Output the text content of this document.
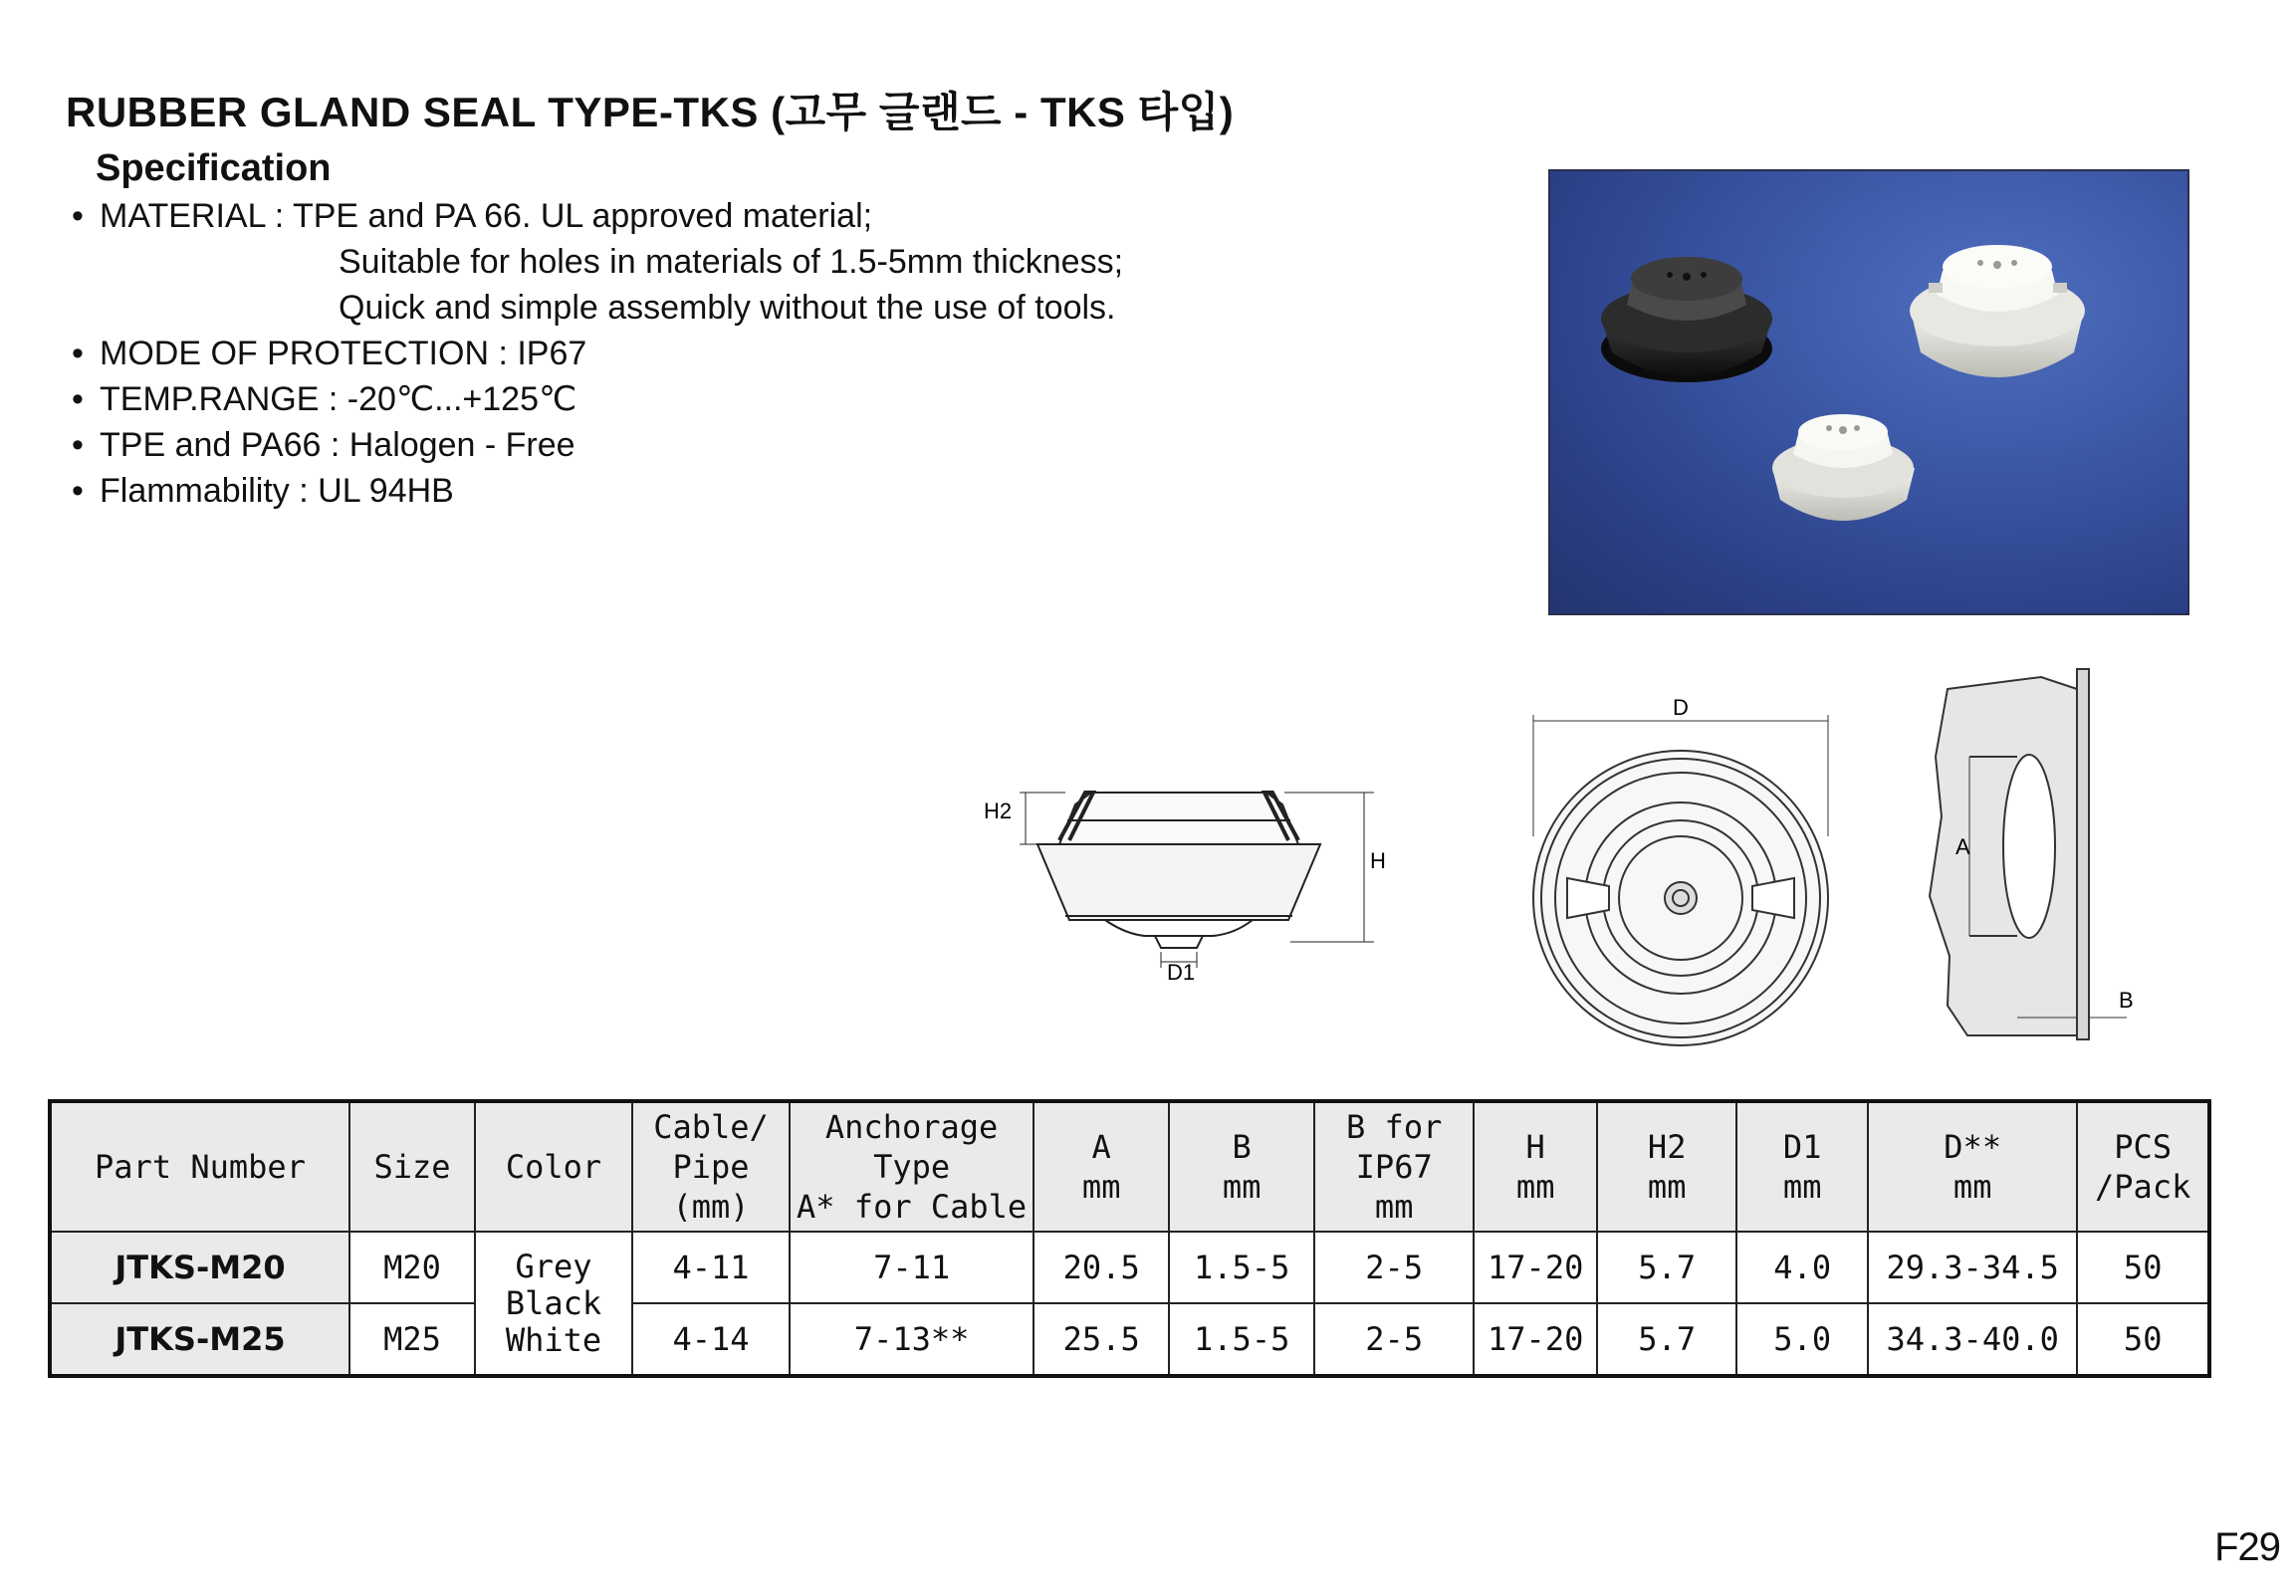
RUBBER GLAND SEAL TYPE-TKS (고무 글랜드 - TKS 타입)
Specification
• MATERIAL : TPE and PA 66. UL approved material;
Suitable for holes in materials of 1.5-5mm thickness;
Quick and simple assembly without the use of tools.
• MODE OF PROTECTION : IP67
• TEMP.RANGE : -20℃...+125℃
• TPE and PA66 : Halogen - Free
• Flammability : UL 94HB
H2
H
D1
D
A
B
Part Number	Size	Color	Cable/
Pipe
(mm)	Anchorage
Type
A* for Cable	A
mm	B
mm	B for
IP67
mm	H
mm	H2
mm	D1
mm	D**
mm	PCS
/Pack
JTKS-M20	M20	Grey
Black
White	4-11	7-11	20.5	1.5-5	2-5	17-20	5.7	4.0	29.3-34.5	50
JTKS-M25	M25		4-14	7-13**	25.5	1.5-5	2-5	17-20	5.7	5.0	34.3-40.0	50
F29
